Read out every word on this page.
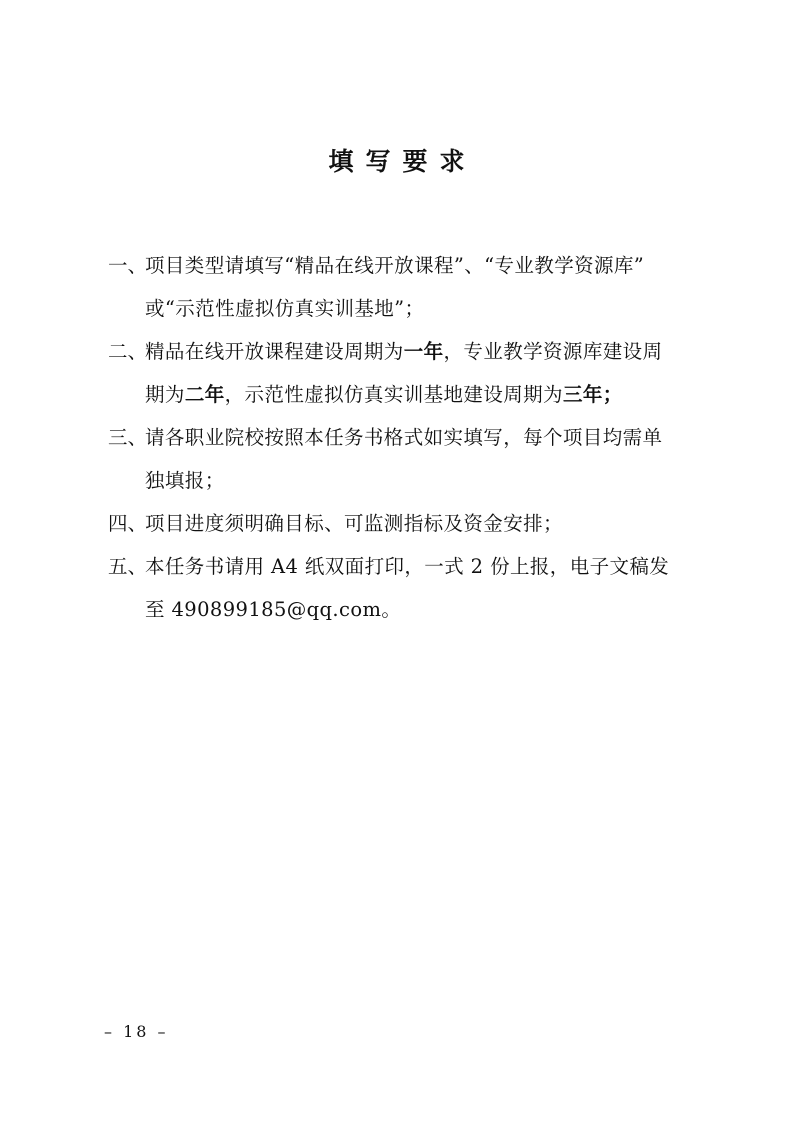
填写要求
一、
项目类型请填写“精品在线开放课程”、“专业教学资源库”
或“示范性虚拟仿真实训基地”；
二、
精品在线开放课程建设周期为一年，专业教学资源库建设周
期为二年，示范性虚拟仿真实训基地建设周期为三年；
三、
请各职业院校按照本任务书格式如实填写，每个项目均需单
独填报；
四、
项目进度须明确目标、可监测指标及资金安排；
五、
本任务书请用 A4 纸双面打印，一式 2 份上报，电子文稿发
至 490899185@qq.com。
– 18 –
